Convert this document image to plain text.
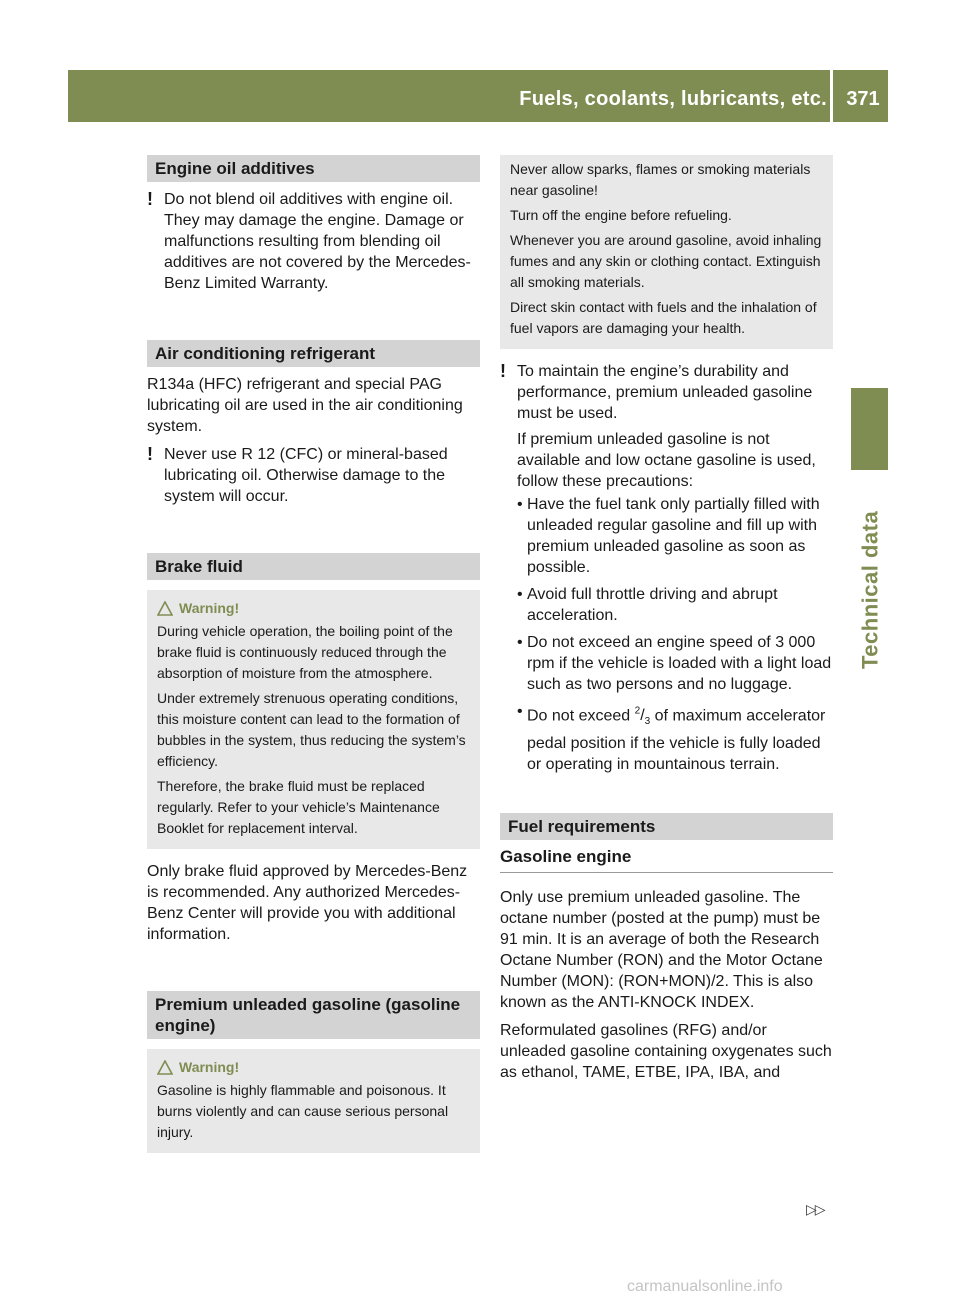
Fuels, coolants, lubricants, etc. 371
Technical data
Engine oil additives
! Do not blend oil additives with engine oil. They may damage the engine. Damage or malfunctions resulting from blending oil additives are not covered by the Mercedes-Benz Limited Warranty.
Air conditioning refrigerant

R134a (HFC) refrigerant and special PAG lubricating oil are used in the air conditioning system.

! Never use R 12 (CFC) or mineral-based lubricating oil. Otherwise damage to the system will occur.
Brake fluid
Warning!

During vehicle operation, the boiling point of the brake fluid is continuously reduced through the absorption of moisture from the atmosphere.

Under extremely strenuous operating conditions, this moisture content can lead to the formation of bubbles in the system, thus reducing the system’s efficiency.

Therefore, the brake fluid must be replaced regularly. Refer to your vehicle’s Maintenance Booklet for replacement interval.

Only brake fluid approved by Mercedes-Benz is recommended. Any authorized Mercedes-Benz Center will provide you with additional information.

Premium unleaded gasoline (gasoline engine)
Warning!

Gasoline is highly flammable and poisonous. It burns violently and can cause serious personal injury.

Never allow sparks, flames or smoking materials near gasoline!

Turn off the engine before refueling.

Whenever you are around gasoline, avoid inhaling fumes and any skin or clothing contact. Extinguish all smoking materials.

Direct skin contact with fuels and the inhalation of fuel vapors are damaging your health.

! To maintain the engine’s durability and performance, premium unleaded gasoline must be used.

If premium unleaded gasoline is not available and low octane gasoline is used, follow these precautions:

• Have the fuel tank only partially filled with unleaded regular gasoline and fill up with premium unleaded gasoline as soon as possible.
• Avoid full throttle driving and abrupt acceleration.
• Do not exceed an engine speed of 3 000 rpm if the vehicle is loaded with a light load such as two persons and no luggage.
• Do not exceed $^2/_3$ of maximum accelerator pedal position if the vehicle is fully loaded or operating in mountainous terrain.
Fuel requirements
Gasoline engine

Only use premium unleaded gasoline. The octane number (posted at the pump) must be 91 min. It is an average of both the Research Octane Number (RON) and the Motor Octane Number (MON): (RON+MON)/2. This is also known as the ANTI-KNOCK INDEX.

Reformulated gasolines (RFG) and/or unleaded gasoline containing oxygenates such as ethanol, TAME, ETBE, IPA, IBA, and

▷▷
carmanualsonline.info
